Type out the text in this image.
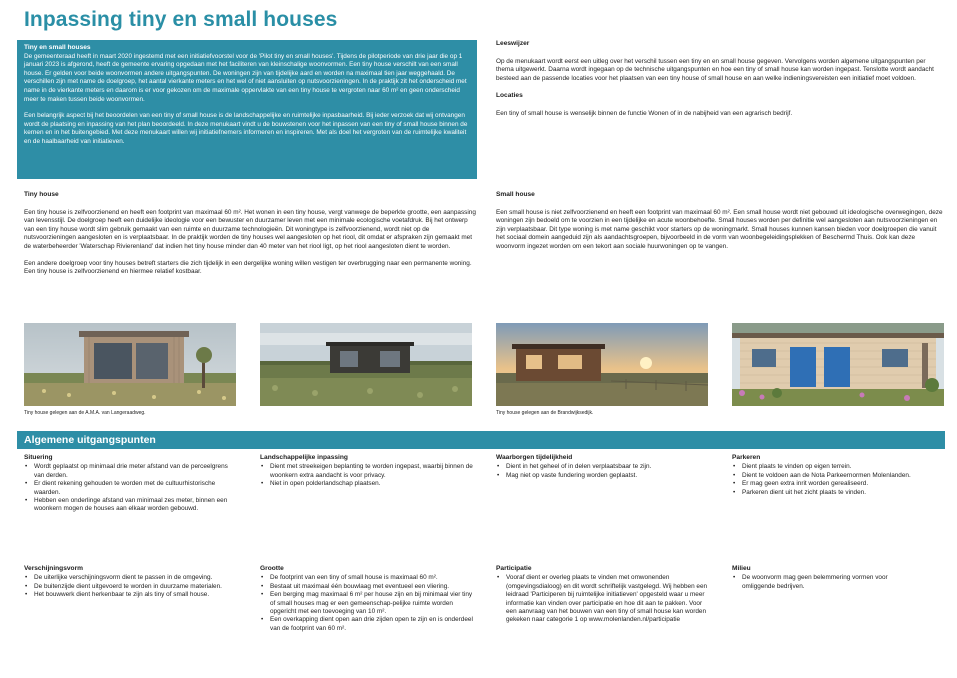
Inpassing tiny en small houses
Tiny en small houses

De gemeenteraad heeft in maart 2020 ingestemd met een initiatiefvoorstel voor de 'Pilot tiny en small houses'. Tijdens de pilotperiode van drie jaar die op 1 januari 2023 is afgerond, heeft de gemeente ervaring opgedaan met het faciliteren van kleinschalige woonvormen. Een tiny house verschilt van een small house. Er gelden voor beide woonvormen andere uitgangspunten. De woningen zijn van tijdelijke aard en worden na maximaal tien jaar weggehaald. De verschillen zijn met name de doelgroep, het aantal vierkante meters en het wel of niet aansluiten op nutsvoorzieningen. In de praktijk zit het onderscheid met name in de vierkante meters en daarom is er voor gekozen om de maximale oppervlakte van een tiny house te vergroten naar 60 m² en geen onderscheid meer te maken tussen beide woonvormen.

Een belangrijk aspect bij het beoordelen van een tiny of small house is de landschappelijke en ruimtelijke inpasbaarheid. Bij ieder verzoek dat wij ontvangen wordt de plaatsing en inpassing van het plan beoordeeld. In deze menukaart vindt u de bouwstenen voor het inpassen van een tiny of small house binnen de kernen en in het buitengebied. Met deze menukaart willen wij initiatiefnemers informeren en inspireren. Met als doel het vergroten van de ruimtelijke kwaliteit en de haalbaarheid van initiatieven.

Leeswijzer

Op de menukaart wordt eerst een uitleg over het verschil tussen een tiny en en small house gegeven. Vervolgens worden algemene uitgangspunten per thema uitgewerkt. Daarna wordt ingegaan op de technische uitgangspunten en hoe een tiny of small house kan worden ingepast. Tenslotte wordt aandacht besteed aan de passende locaties voor het plaatsen van een tiny house of small house en aan welke indieningsvereisten een initiatief moet voldoen.

Locaties

Een tiny of small house is wenselijk binnen de functie Wonen of in de nabijheid van een agrarisch bedrijf.

Tiny house

Een tiny house is zelfvoorzienend en heeft een footprint van maximaal 60 m². Het wonen in een tiny house, vergt vanwege de beperkte grootte, een aanpassing van levensstijl. De doelgroep heeft een duidelijke ideologie voor een bewuster en duurzamer leven met een minimale ecologische voetafdruk. Bij het ontwerp van een tiny house wordt slim gebruik gemaakt van een ruimte en duurzame technologieën. Dit woningtype is zelfvoorzienend, wordt niet op de nutsvoorzieningen aangesloten en is verplaatsbaar. In de praktijk worden de tiny houses wel aangesloten op het riool, dit omdat er afspraken zijn gemaakt met de waterbeheerder 'Waterschap Rivierenland' dat indien het tiny house minder dan 40 meter van het riool ligt, op het riool aangesloten dient te worden.

Een andere doelgroep voor tiny houses betreft starters die zich tijdelijk in een dergelijke woning willen vestigen ter overbrugging naar een permanente woning. Een tiny house is zelfvoorzienend en hiermee relatief kostbaar.

Small house

Een small house is niet zelfvoorzienend en heeft een footprint van maximaal 60 m². Een small house wordt niet gebouwd uit ideologische overwegingen, deze woningen zijn bedoeld om te voorzien in een tijdelijke en acute woonbehoefte. Small houses worden per definitie wel aangesloten aan nutsvoorzieningen en zijn verplaatsbaar. Dit type woning is met name geschikt voor starters op de woningmarkt. Small houses kunnen kansen bieden voor doelgroepen die vanuit het sociaal domein aangeduid zijn als aandachtsgroepen, bijvoorbeeld in de vorm van woonbegeleidingsplekken of Beschermd Thuis. Ook kan deze woonvorm ingezet worden om een tekort aan sociale huurwoningen op te vangen.

Tiny house gelegen aan de A.M.A. van Langeraadweg.	Tiny house gelegen aan de Brandwijksedijk.
Algemene uitgangspunten
Situering
• Wordt geplaatst op minimaal drie meter afstand van de perceelgrens van derden.
• Er dient rekening gehouden te worden met de cultuurhistorische waarden.
• Hebben een onderlinge afstand van minimaal zes meter, binnen een woonkern mogen de houses aan elkaar worden gebouwd.
Landschappelijke inpassing
• Dient met streekeigen beplanting te worden ingepast, waarbij binnen de woonkern extra aandacht is voor privacy.
• Niet in open polderlandschap plaatsen.
Waarborgen tijdelijkheid
• Dient in het geheel of in delen verplaatsbaar te zijn.
• Mag niet op vaste fundering worden geplaatst.
Parkeren
• Dient plaats te vinden op eigen terrein.
• Dient te voldoen aan de Nota Parkeernormen Molenlanden.
• Er mag geen extra inrit worden gerealiseerd.
• Parkeren dient uit het zicht plaats te vinden.
Verschijningsvorm
• De uiterlijke verschijningsvorm dient te passen in de omgeving.
• De buitenzijde dient uitgevoerd te worden in duurzame materialen.
• Het bouwwerk dient herkenbaar te zijn als tiny of small house.
Grootte
• De footprint van een tiny of small house is maximaal 60 m².
• Bestaat uit maximaal één bouwlaag met eventueel een vliering.
• Een berging mag maximaal 6 m² per house zijn en bij minimaal vier tiny of small houses mag er een gemeenschap-pelijke ruimte worden opgericht met een toevoeging van 10 m².
• Een overkapping dient open aan drie zijden open te zijn en is onderdeel van de footprint van 60 m².
Participatie
• Vooraf dient er overleg plaats te vinden met omwonenden (omgevingsdialoog) en dit wordt schriftelijk vastgelegd. Wij hebben een leidraad 'Participeren bij ruimtelijke initiatieven' opgesteld waar u meer informatie kan vinden over participatie en hoe dit aan te pakken. Voor een aanvraag van het bouwen van een tiny of small house kan worden gekeken naar categorie 1 op www.molenlanden.nl/participatie
Milieu
• De woonvorm mag geen belemmering vormen voor omliggende bedrijven.
